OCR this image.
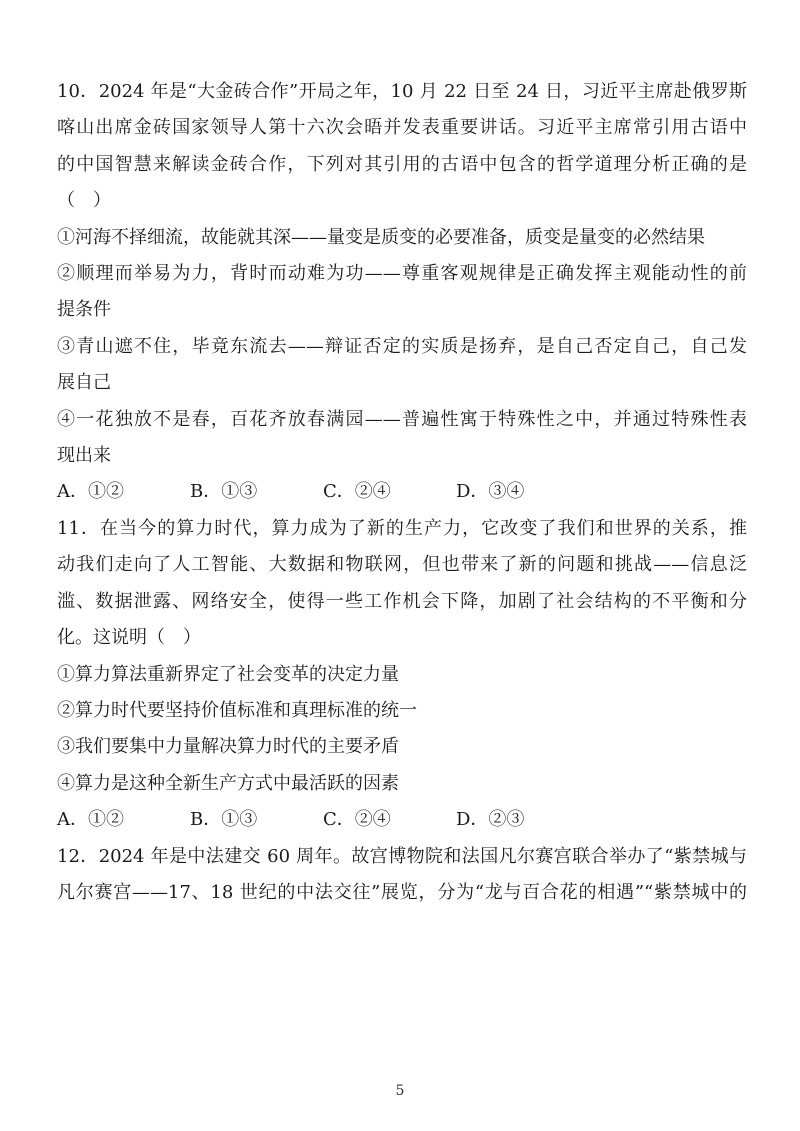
10．2024 年是“大金砖合作”开局之年，10 月 22 日至 24 日，习近平主席赴俄罗斯
喀山出席金砖国家领导人第十六次会晤并发表重要讲话。习近平主席常引用古语中
的中国智慧来解读金砖合作，下列对其引用的古语中包含的哲学道理分析正确的是
（　）
①河海不择细流，故能就其深——量变是质变的必要准备，质变是量变的必然结果
②顺理而举易为力，背时而动难为功——尊重客观规律是正确发挥主观能动性的前
提条件
③青山遮不住，毕竟东流去——辩证否定的实质是扬弃，是自己否定自己，自己发
展自己
④一花独放不是春，百花齐放春满园——普遍性寓于特殊性之中，并通过特殊性表
现出来
A．①②	B．①③	C．②④	D．③④
11．在当今的算力时代，算力成为了新的生产力，它改变了我们和世界的关系，推
动我们走向了人工智能、大数据和物联网，但也带来了新的问题和挑战——信息泛
滥、数据泄露、网络安全，使得一些工作机会下降，加剧了社会结构的不平衡和分
化。这说明（　）
①算力算法重新界定了社会变革的决定力量
②算力时代要坚持价值标准和真理标准的统一
③我们要集中力量解决算力时代的主要矛盾
④算力是这种全新生产方式中最活跃的因素
A．①②	B．①③	C．②④	D．②③
12．2024 年是中法建交 60 周年。故宫博物院和法国凡尔赛宫联合举办了“紫禁城与
凡尔赛宫——17、18 世纪的中法交往”展览，分为“龙与百合花的相遇”“紫禁城中的
5
